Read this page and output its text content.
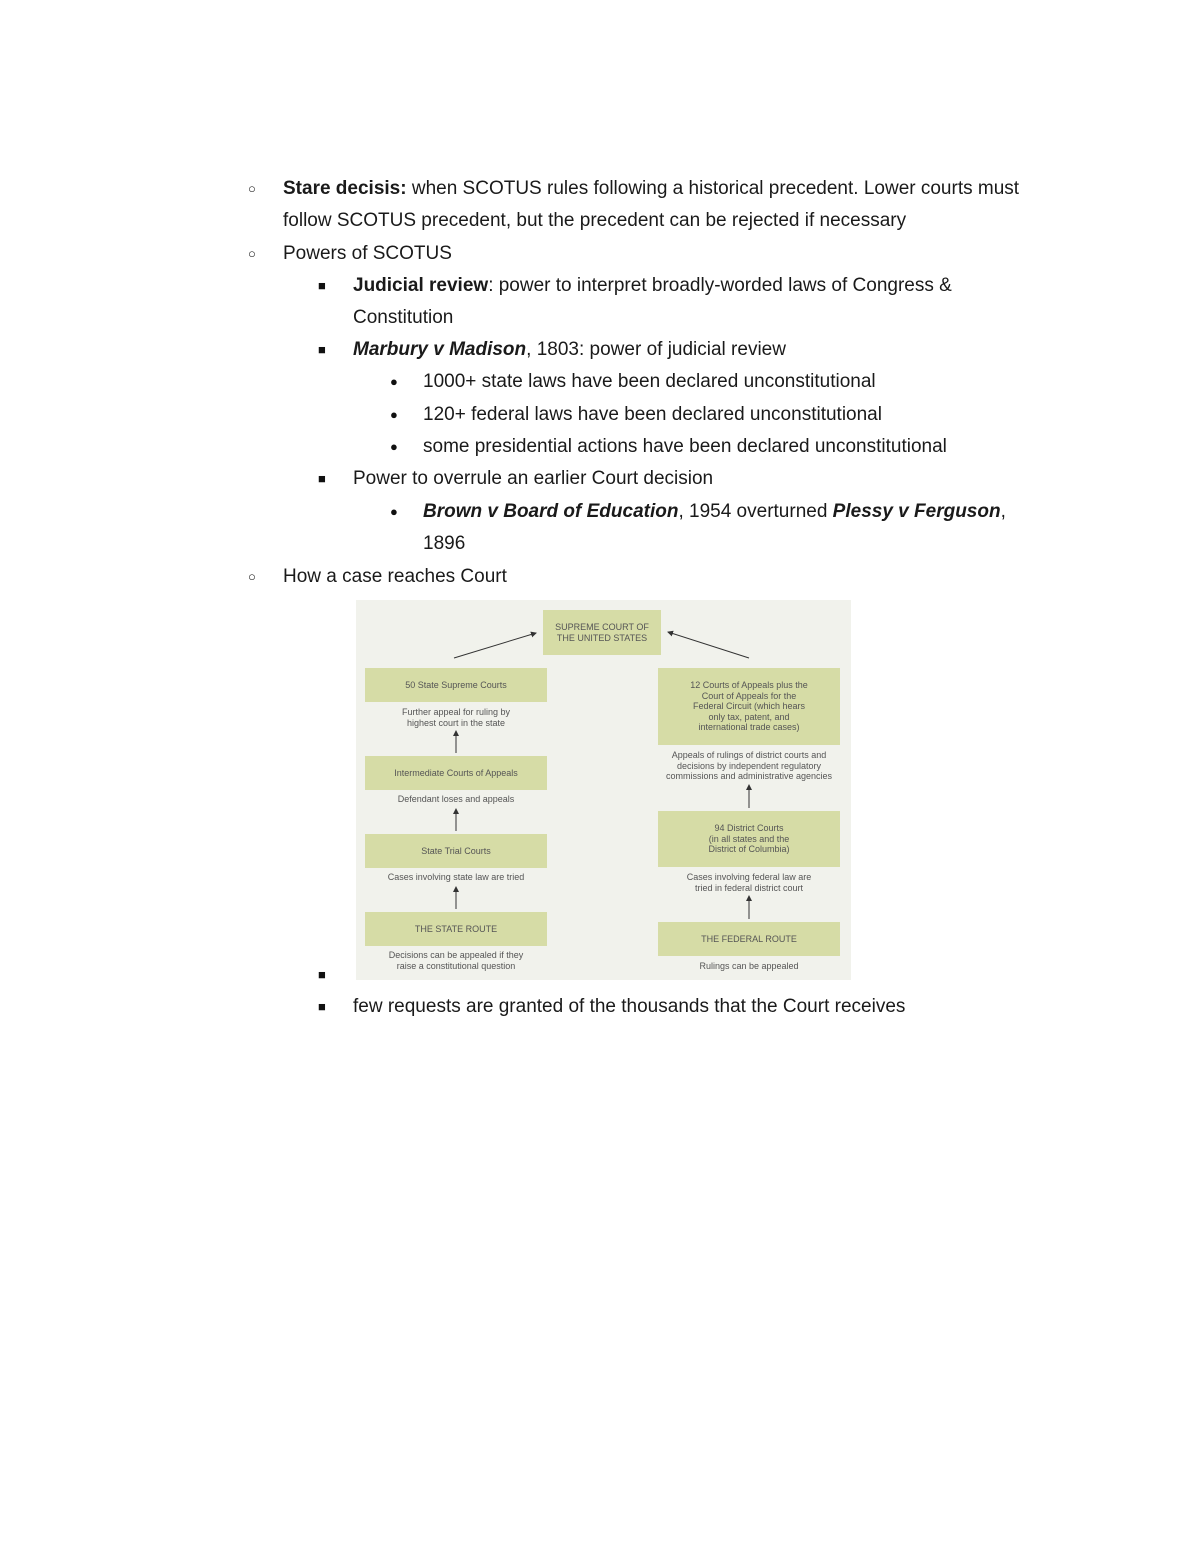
○ Stare decisis: when SCOTUS rules following a historical precedent. Lower courts must
follow SCOTUS precedent, but the precedent can be rejected if necessary
○ Powers of SCOTUS
■ Judicial review: power to interpret broadly-worded laws of Congress &
Constitution
■ Marbury v Madison, 1803: power of judicial review
● 1000+ state laws have been declared unconstitutional
● 120+ federal laws have been declared unconstitutional
● some presidential actions have been declared unconstitutional
■ Power to overrule an earlier Court decision
● Brown v Board of Education, 1954 overturned Plessy v Ferguson,
1896
○ How a case reaches Court
SUPREME COURT OF
THE UNITED STATES
50 State Supreme Courts
Further appeal for ruling by
highest court in the state
Intermediate Courts of Appeals
Defendant loses and appeals
State Trial Courts
Cases involving state law are tried
THE STATE ROUTE
Decisions can be appealed if they
raise a constitutional question
12 Courts of Appeals plus the
Court of Appeals for the
Federal Circuit (which hears
only tax, patent, and
international trade cases)
Appeals of rulings of district courts and
decisions by independent regulatory
commissions and administrative agencies
94 District Courts
(in all states and the
District of Columbia)
Cases involving federal law are
tried in federal district court
THE FEDERAL ROUTE
Rulings can be appealed
■
■ few requests are granted of the thousands that the Court receives
